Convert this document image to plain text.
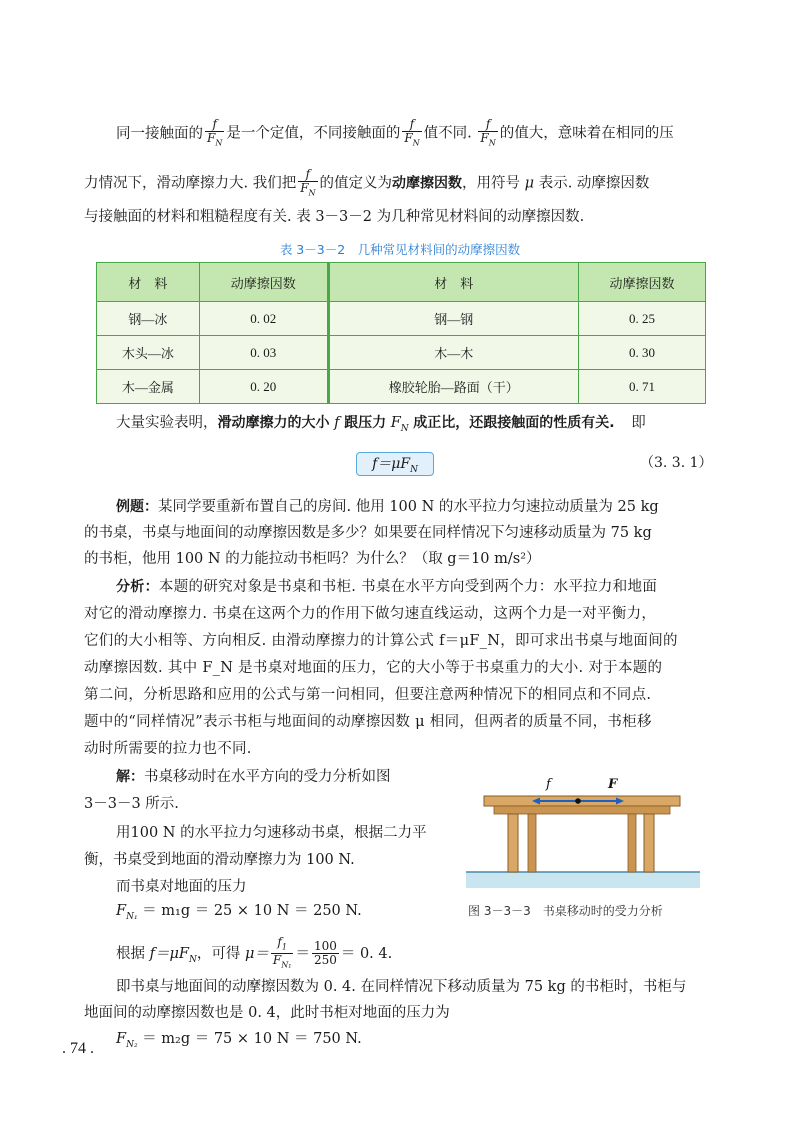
同一接触面的 $\frac{f}{F_N}$ 是一个定值，不同接触面的 $\frac{f}{F_N}$ 值不同. $\frac{f}{F_N}$ 的值大，意味着在相同的压
力情况下，滑动摩擦力大. 我们把 $\frac{f}{F_N}$ 的值定义为动摩擦因数，用符号 μ 表示. 动摩擦因数
与接触面的材料和粗糙程度有关. 表 3－3－2 为几种常见材料间的动摩擦因数.
表 3－3－2　几种常见材料间的动摩擦因数
材　料	动摩擦因数	材　料	动摩擦因数
钢—冰	0. 02	钢—钢	0. 25
木头—冰	0. 03	木—木	0. 30
木—金属	0. 20	橡胶轮胎—路面（干）	0. 71
大量实验表明，滑动摩擦力的大小 f 跟压力 $F_N$ 成正比，还跟接触面的性质有关. 即
$f=\mu F_N$	（3. 3. 1）
例题：某同学要重新布置自己的房间. 他用 100 N 的水平拉力匀速拉动质量为 25 kg
的书桌，书桌与地面间的动摩擦因数是多少？如果要在同样情况下匀速移动质量为 75 kg
的书柜，他用 100 N 的力能拉动书柜吗？为什么？（取 g＝10 m/s²）
分析：本题的研究对象是书桌和书柜. 书桌在水平方向受到两个力：水平拉力和地面
对它的滑动摩擦力. 书桌在这两个力的作用下做匀速直线运动，这两个力是一对平衡力，
它们的大小相等、方向相反. 由滑动摩擦力的计算公式 f＝μF_N，即可求出书桌与地面间的
动摩擦因数. 其中 F_N 是书桌对地面的压力，它的大小等于书桌重力的大小. 对于本题的
第二问，分析思路和应用的公式与第一问相同，但要注意两种情况下的相同点和不同点.
题中的“同样情况”表示书柜与地面间的动摩擦因数 μ 相同，但两者的质量不同，书柜移
动时所需要的拉力也不同.
解：书桌移动时在水平方向的受力分析如图
3－3－3 所示.
用100 N 的水平拉力匀速移动书桌，根据二力平
衡，书桌受到地面的滑动摩擦力为 100 N.
而书桌对地面的压力
$F_{N_1} = m_1g = 25 \times 10$ N ＝ 250 N.
根据 $f=\mu F_N$，可得 $\mu= \frac{f_1}{F_{N_1}} = \frac{100}{250} = 0$. 4.
即书桌与地面间的动摩擦因数为 0. 4. 在同样情况下移动质量为 75 kg 的书柜时，书柜与
地面间的动摩擦因数也是 0. 4，此时书柜对地面的压力为
$F_{N_2} = m_2g = 75 \times 10$ N ＝ 750 N.
f	F
图 3－3－3　书桌移动时的受力分析
. 74 .
